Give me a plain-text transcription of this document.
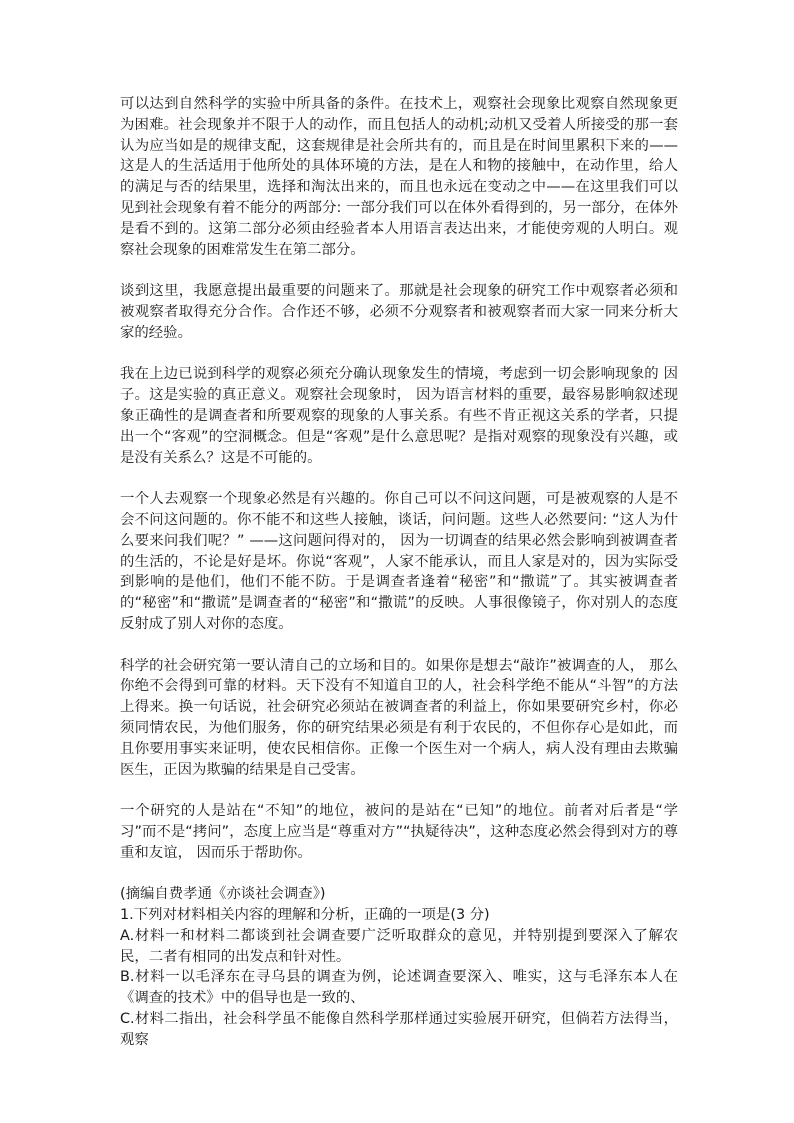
可以达到自然科学的实验中所具备的条件。在技术上，观察社会现象比观察自然现象更为困难。社会现象并不限于人的动作，而且包括人的动机;动机又受着人所接受的那一套认为应当如是的规律支配，这套规律是社会所共有的，而且是在时间里累积下来的——这是人的生活适用于他所处的具体环境的方法，是在人和物的接触中，在动作里，给人的满足与否的结果里，选择和淘汰出来的，而且也永远在变动之中——在这里我们可以见到社会现象有着不能分的两部分: 一部分我们可以在体外看得到的，另一部分，在体外是看不到的。这第二部分必须由经验者本人用语言表达出来，才能使旁观的人明白。观察社会现象的困难常发生在第二部分。

谈到这里，我愿意提出最重要的问题来了。那就是社会现象的研究工作中观察者必须和被观察者取得充分合作。合作还不够，必须不分观察者和被观察者而大家一同来分析大家的经验。

我在上边已说到科学的观察必须充分确认现象发生的情境，考虑到一切会影响现象的 因子。这是实验的真正意义。观察社会现象时， 因为语言材料的重要，最容易影响叙述现象正确性的是调查者和所要观察的现象的人事关系。有些不肯正视这关系的学者，只提出一个“客观”的空洞概念。但是“客观”是什么意思呢？是指对观察的现象没有兴趣，或是没有关系么？这是不可能的。

一个人去观察一个现象必然是有兴趣的。你自己可以不问这问题，可是被观察的人是不会不问这问题的。你不能不和这些人接触，谈话，问问题。这些人必然要问: “这人为什么要来问我们呢？” ——这问题问得对的， 因为一切调查的结果必然会影响到被调查者的生活的，不论是好是坏。你说“客观”，人家不能承认，而且人家是对的，因为实际受到影响的是他们，他们不能不防。于是调查者逢着“秘密”和“撒谎”了。其实被调查者的“秘密”和“撒谎”是调查者的“秘密”和“撒谎”的反映。人事很像镜子，你对别人的态度反射成了别人对你的态度。

科学的社会研究第一要认清自己的立场和目的。如果你是想去“敲诈”被调查的人， 那么你绝不会得到可靠的材料。天下没有不知道自卫的人，社会科学绝不能从“斗智”的方法上得来。换一句话说，社会研究必须站在被调查者的利益上，你如果要研究乡村，你必须同情农民，为他们服务，你的研究结果必须是有利于农民的，不但你存心是如此，而且你要用事实来证明，使农民相信你。正像一个医生对一个病人，病人没有理由去欺骗医生，正因为欺骗的结果是自己受害。

一个研究的人是站在“不知”的地位，被问的是站在“已知”的地位。前者对后者是“学习”而不是“拷问”，态度上应当是“尊重对方”“执疑待决”，这种态度必然会得到对方的尊重和友谊， 因而乐于帮助你。

(摘编自费孝通《亦谈社会调查》)

1.下列对材料相关内容的理解和分析，正确的一项是(3 分)

A.材料一和材料二都谈到社会调查要广泛听取群众的意见，并特别提到要深入了解农民，二者有相同的出发点和针对性。

B.材料一以毛泽东在寻乌县的调查为例，论述调查要深入、唯实，这与毛泽东本人在《调查的技术》中的倡导也是一致的、

C.材料二指出，社会科学虽不能像自然科学那样通过实验展开研究，但倘若方法得当，观察
